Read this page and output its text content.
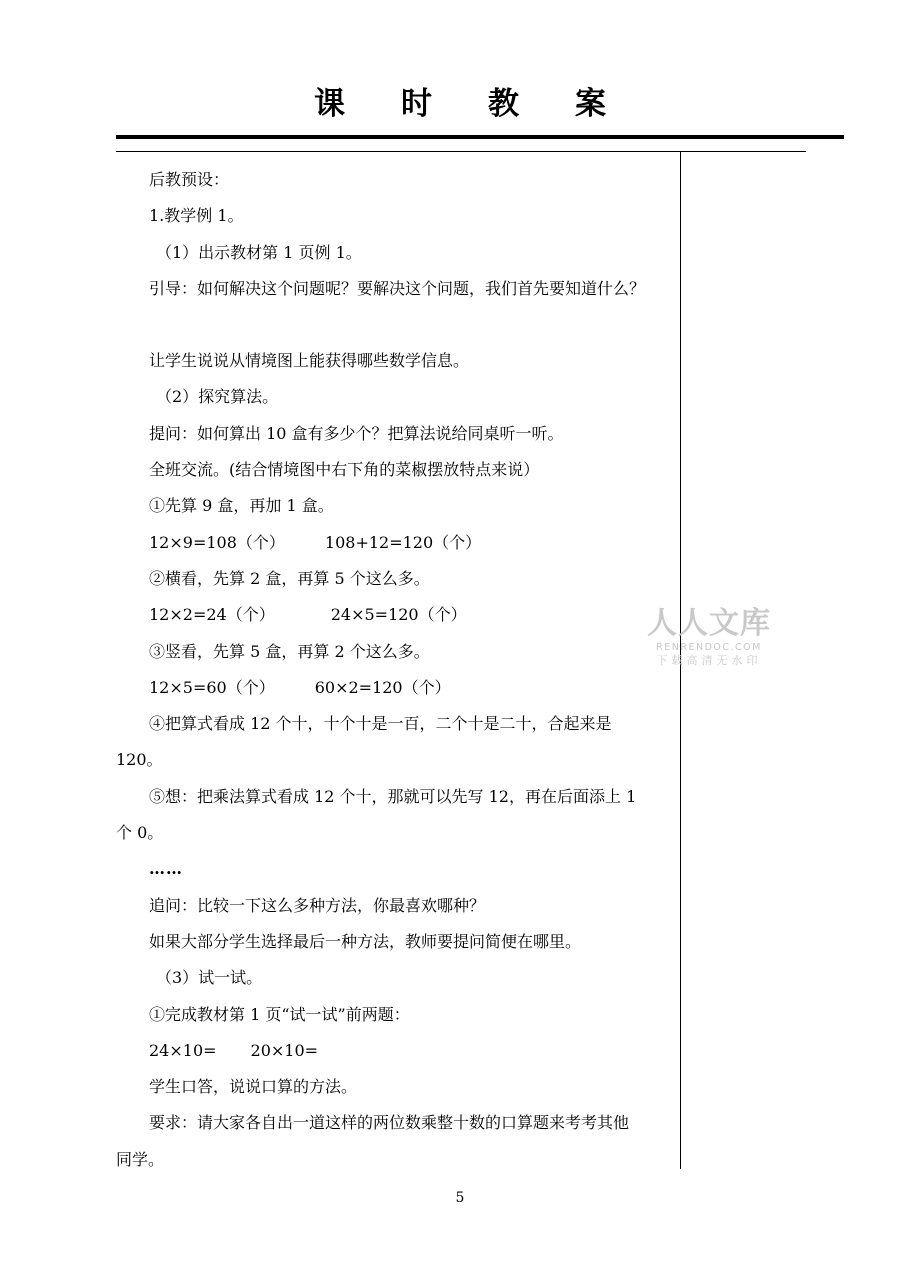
课时教案
后教预设：
1.教学例 1。
（1）出示教材第 1 页例 1。
引导：如何解决这个问题呢？要解决这个问题，我们首先要知道什么？
让学生说说从情境图上能获得哪些数学信息。
（2）探究算法。
提问：如何算出 10 盒有多少个？把算法说给同桌听一听。
全班交流。(结合情境图中右下角的菜椒摆放特点来说）
①先算 9 盒，再加 1 盒。
12×9=108（个）	108+12=120（个）
②横看，先算 2 盒，再算 5 个这么多。
12×2=24（个）	24×5=120（个）
③竖看，先算 5 盒，再算 2 个这么多。
12×5=60（个）	60×2=120（个）
④把算式看成 12 个十，十个十是一百，二个十是二十，合起来是
120。
⑤想：把乘法算式看成 12 个十，那就可以先写 12，再在后面添上 1
个 0。
……
追问：比较一下这么多种方法，你最喜欢哪种？
如果大部分学生选择最后一种方法，教师要提问简便在哪里。
（3）试一试。
①完成教材第 1 页“试一试”前两题：
24×10= 20×10=
学生口答，说说口算的方法。
要求：请大家各自出一道这样的两位数乘整十数的口算题来考考其他
同学。
人人文库
RENRENDOC.COM
下载高清无水印
5
